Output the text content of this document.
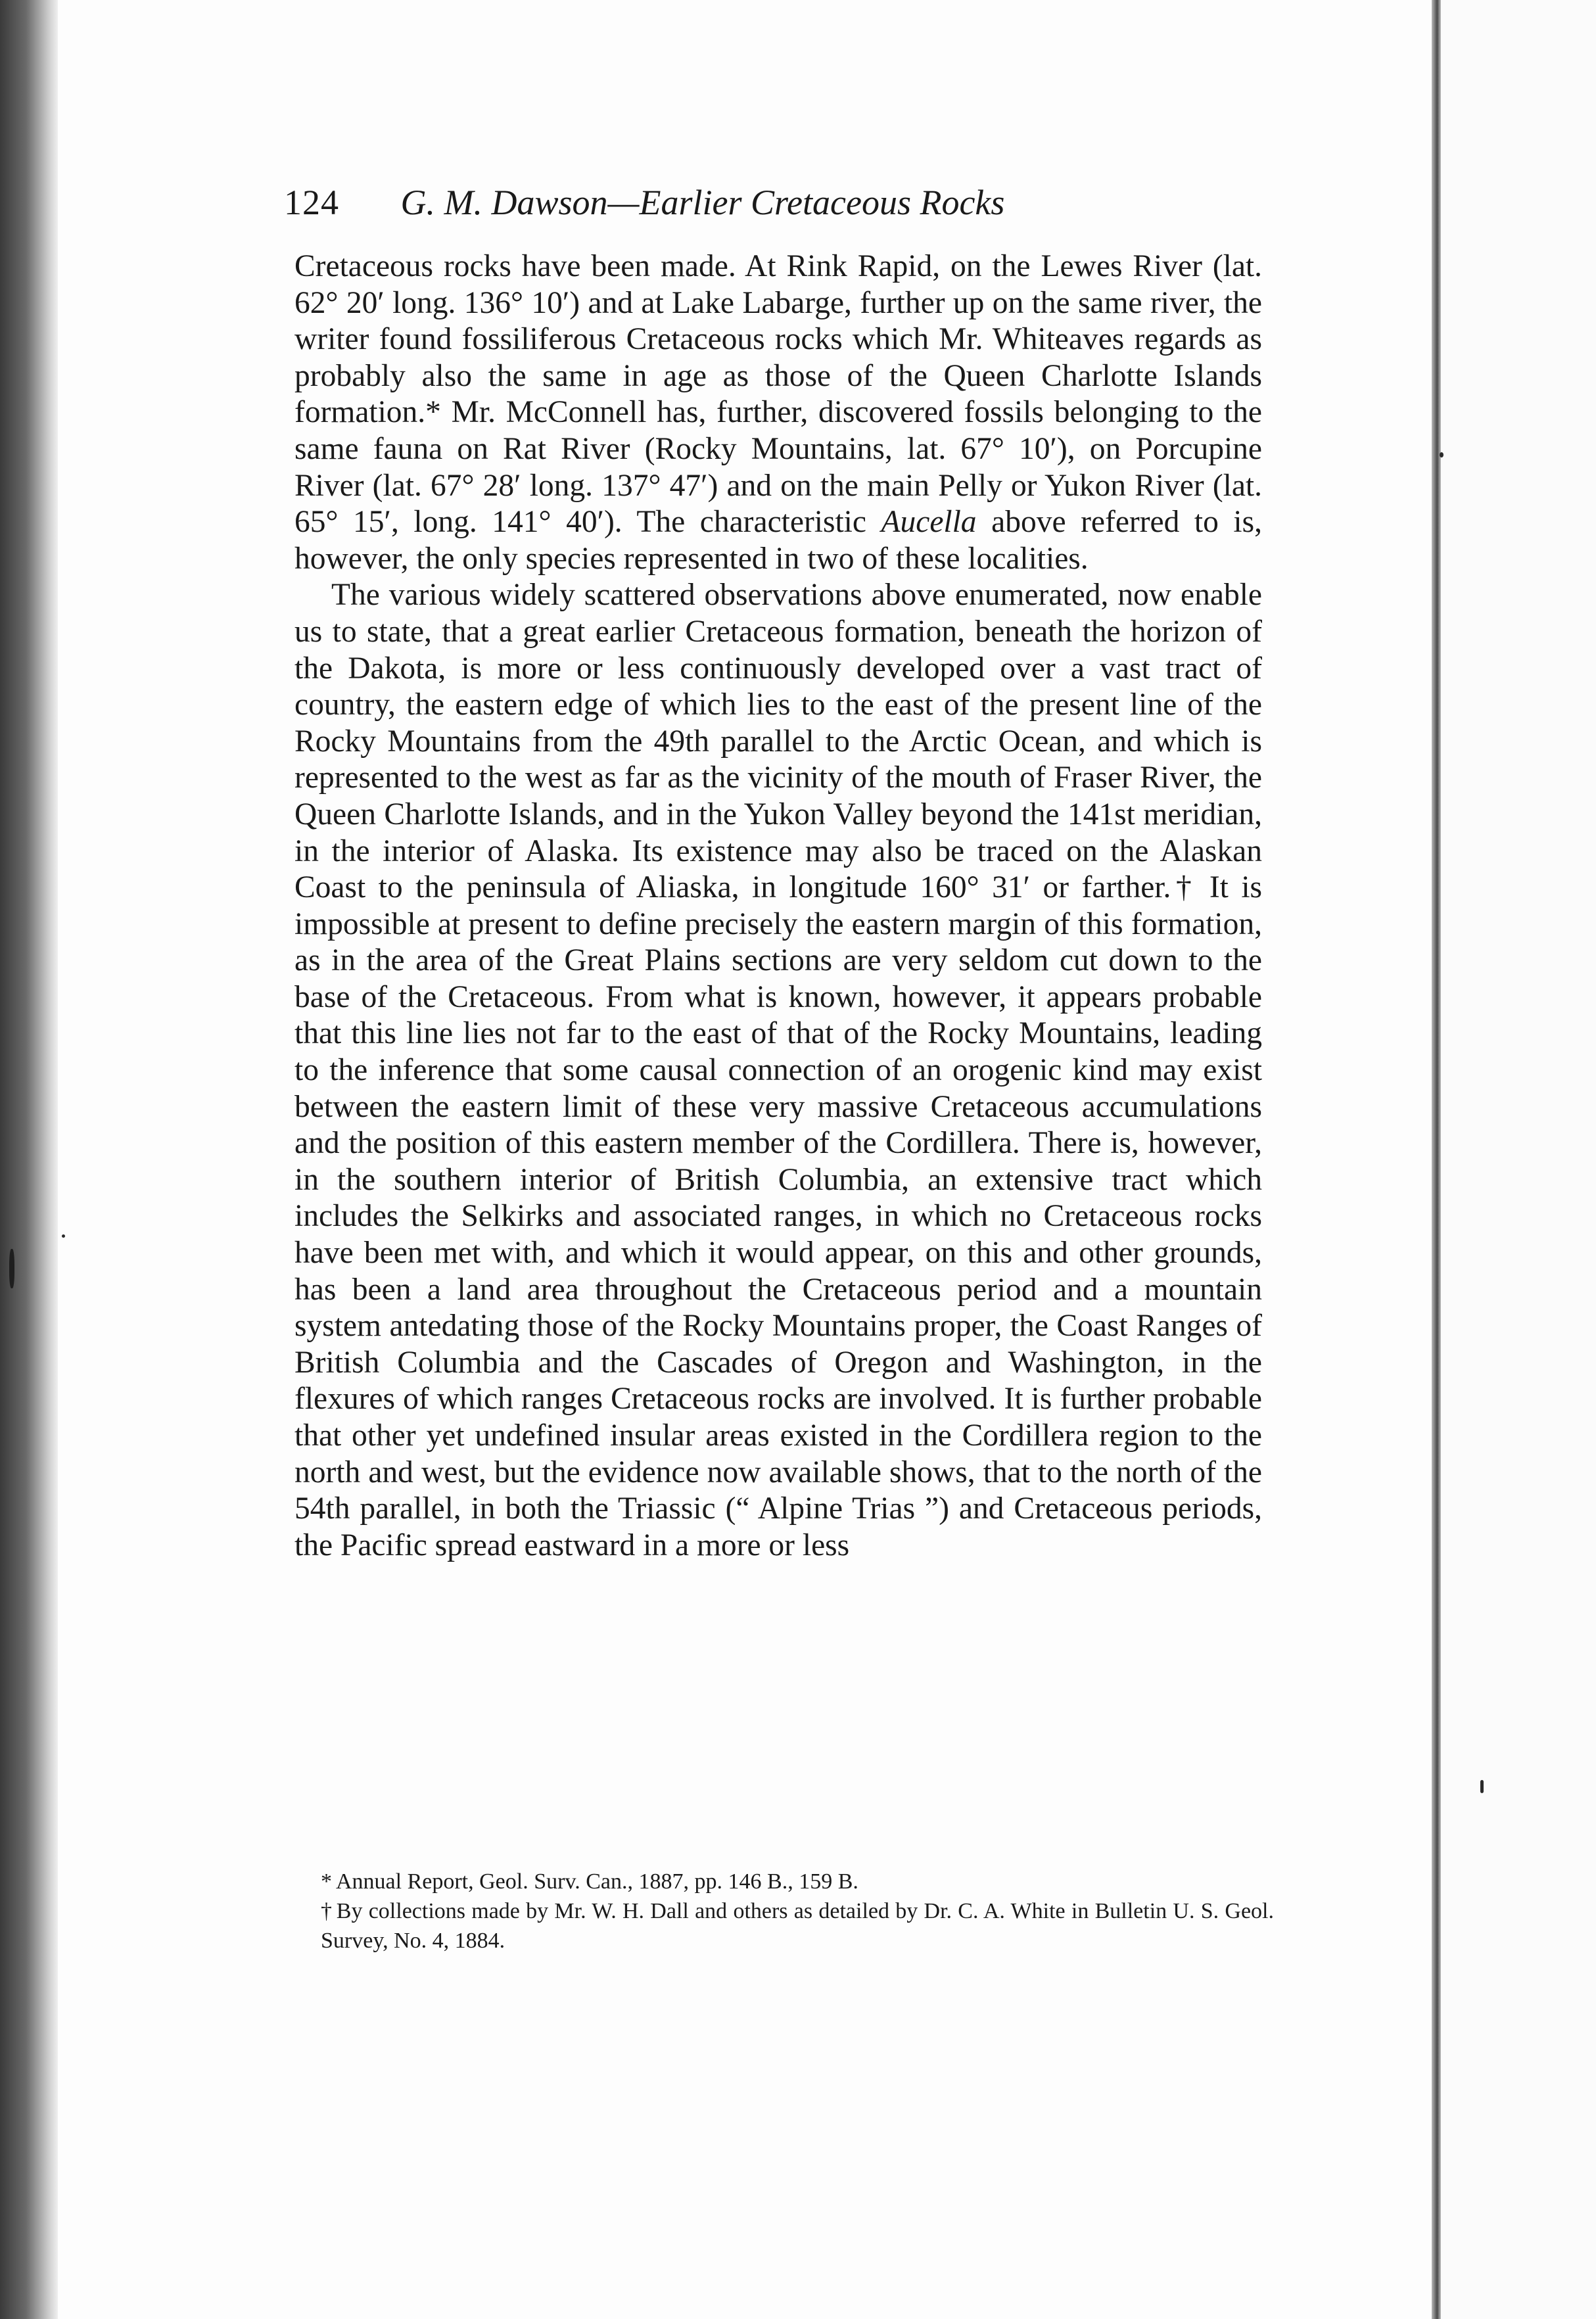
124 G. M. Dawson—Earlier Cretaceous Rocks

Cretaceous rocks have been made. At Rink Rapid, on the Lewes River (lat. 62° 20′ long. 136° 10′) and at Lake Labarge, further up on the same river, the writer found fossiliferous Cretaceous rocks which Mr. Whiteaves regards as probably also the same in age as those of the Queen Charlotte Islands formation.* Mr. McConnell has, further, discovered fossils belonging to the same fauna on Rat River (Rocky Mountains, lat. 67° 10′), on Porcupine River (lat. 67° 28′ long. 137° 47′) and on the main Pelly or Yukon River (lat. 65° 15′, long. 141° 40′). The characteristic Aucella above referred to is, however, the only species represented in two of these localities.

The various widely scattered observations above enumerated, now enable us to state, that a great earlier Cretaceous formation, beneath the horizon of the Dakota, is more or less continuously developed over a vast tract of country, the eastern edge of which lies to the east of the present line of the Rocky Mountains from the 49th parallel to the Arctic Ocean, and which is represented to the west as far as the vicinity of the mouth of Fraser River, the Queen Charlotte Islands, and in the Yukon Valley beyond the 141st meridian, in the interior of Alaska. Its existence may also be traced on the Alaskan Coast to the peninsula of Aliaska, in longitude 160° 31′ or farther.† It is impossible at present to define precisely the eastern margin of this formation, as in the area of the Great Plains sections are very seldom cut down to the base of the Cretaceous. From what is known, however, it appears probable that this line lies not far to the east of that of the Rocky Mountains, leading to the inference that some causal connection of an orogenic kind may exist between the eastern limit of these very massive Cretaceous accumulations and the position of this eastern member of the Cordillera. There is, however, in the southern interior of British Columbia, an extensive tract which includes the Selkirks and associated ranges, in which no Cretaceous rocks have been met with, and which it would appear, on this and other grounds, has been a land area throughout the Cretaceous period and a mountain system antedating those of the Rocky Mountains proper, the Coast Ranges of British Columbia and the Cascades of Oregon and Washington, in the flexures of which ranges Cretaceous rocks are involved. It is further probable that other yet undefined insular areas existed in the Cordillera region to the north and west, but the evidence now available shows, that to the north of the 54th parallel, in both the Triassic (“ Alpine Trias ”) and Cretaceous periods, the Pacific spread eastward in a more or less

* Annual Report, Geol. Surv. Can., 1887, pp. 146 B., 159 B.

† By collections made by Mr. W. H. Dall and others as detailed by Dr. C. A. White in Bulletin U. S. Geol. Survey, No. 4, 1884.
